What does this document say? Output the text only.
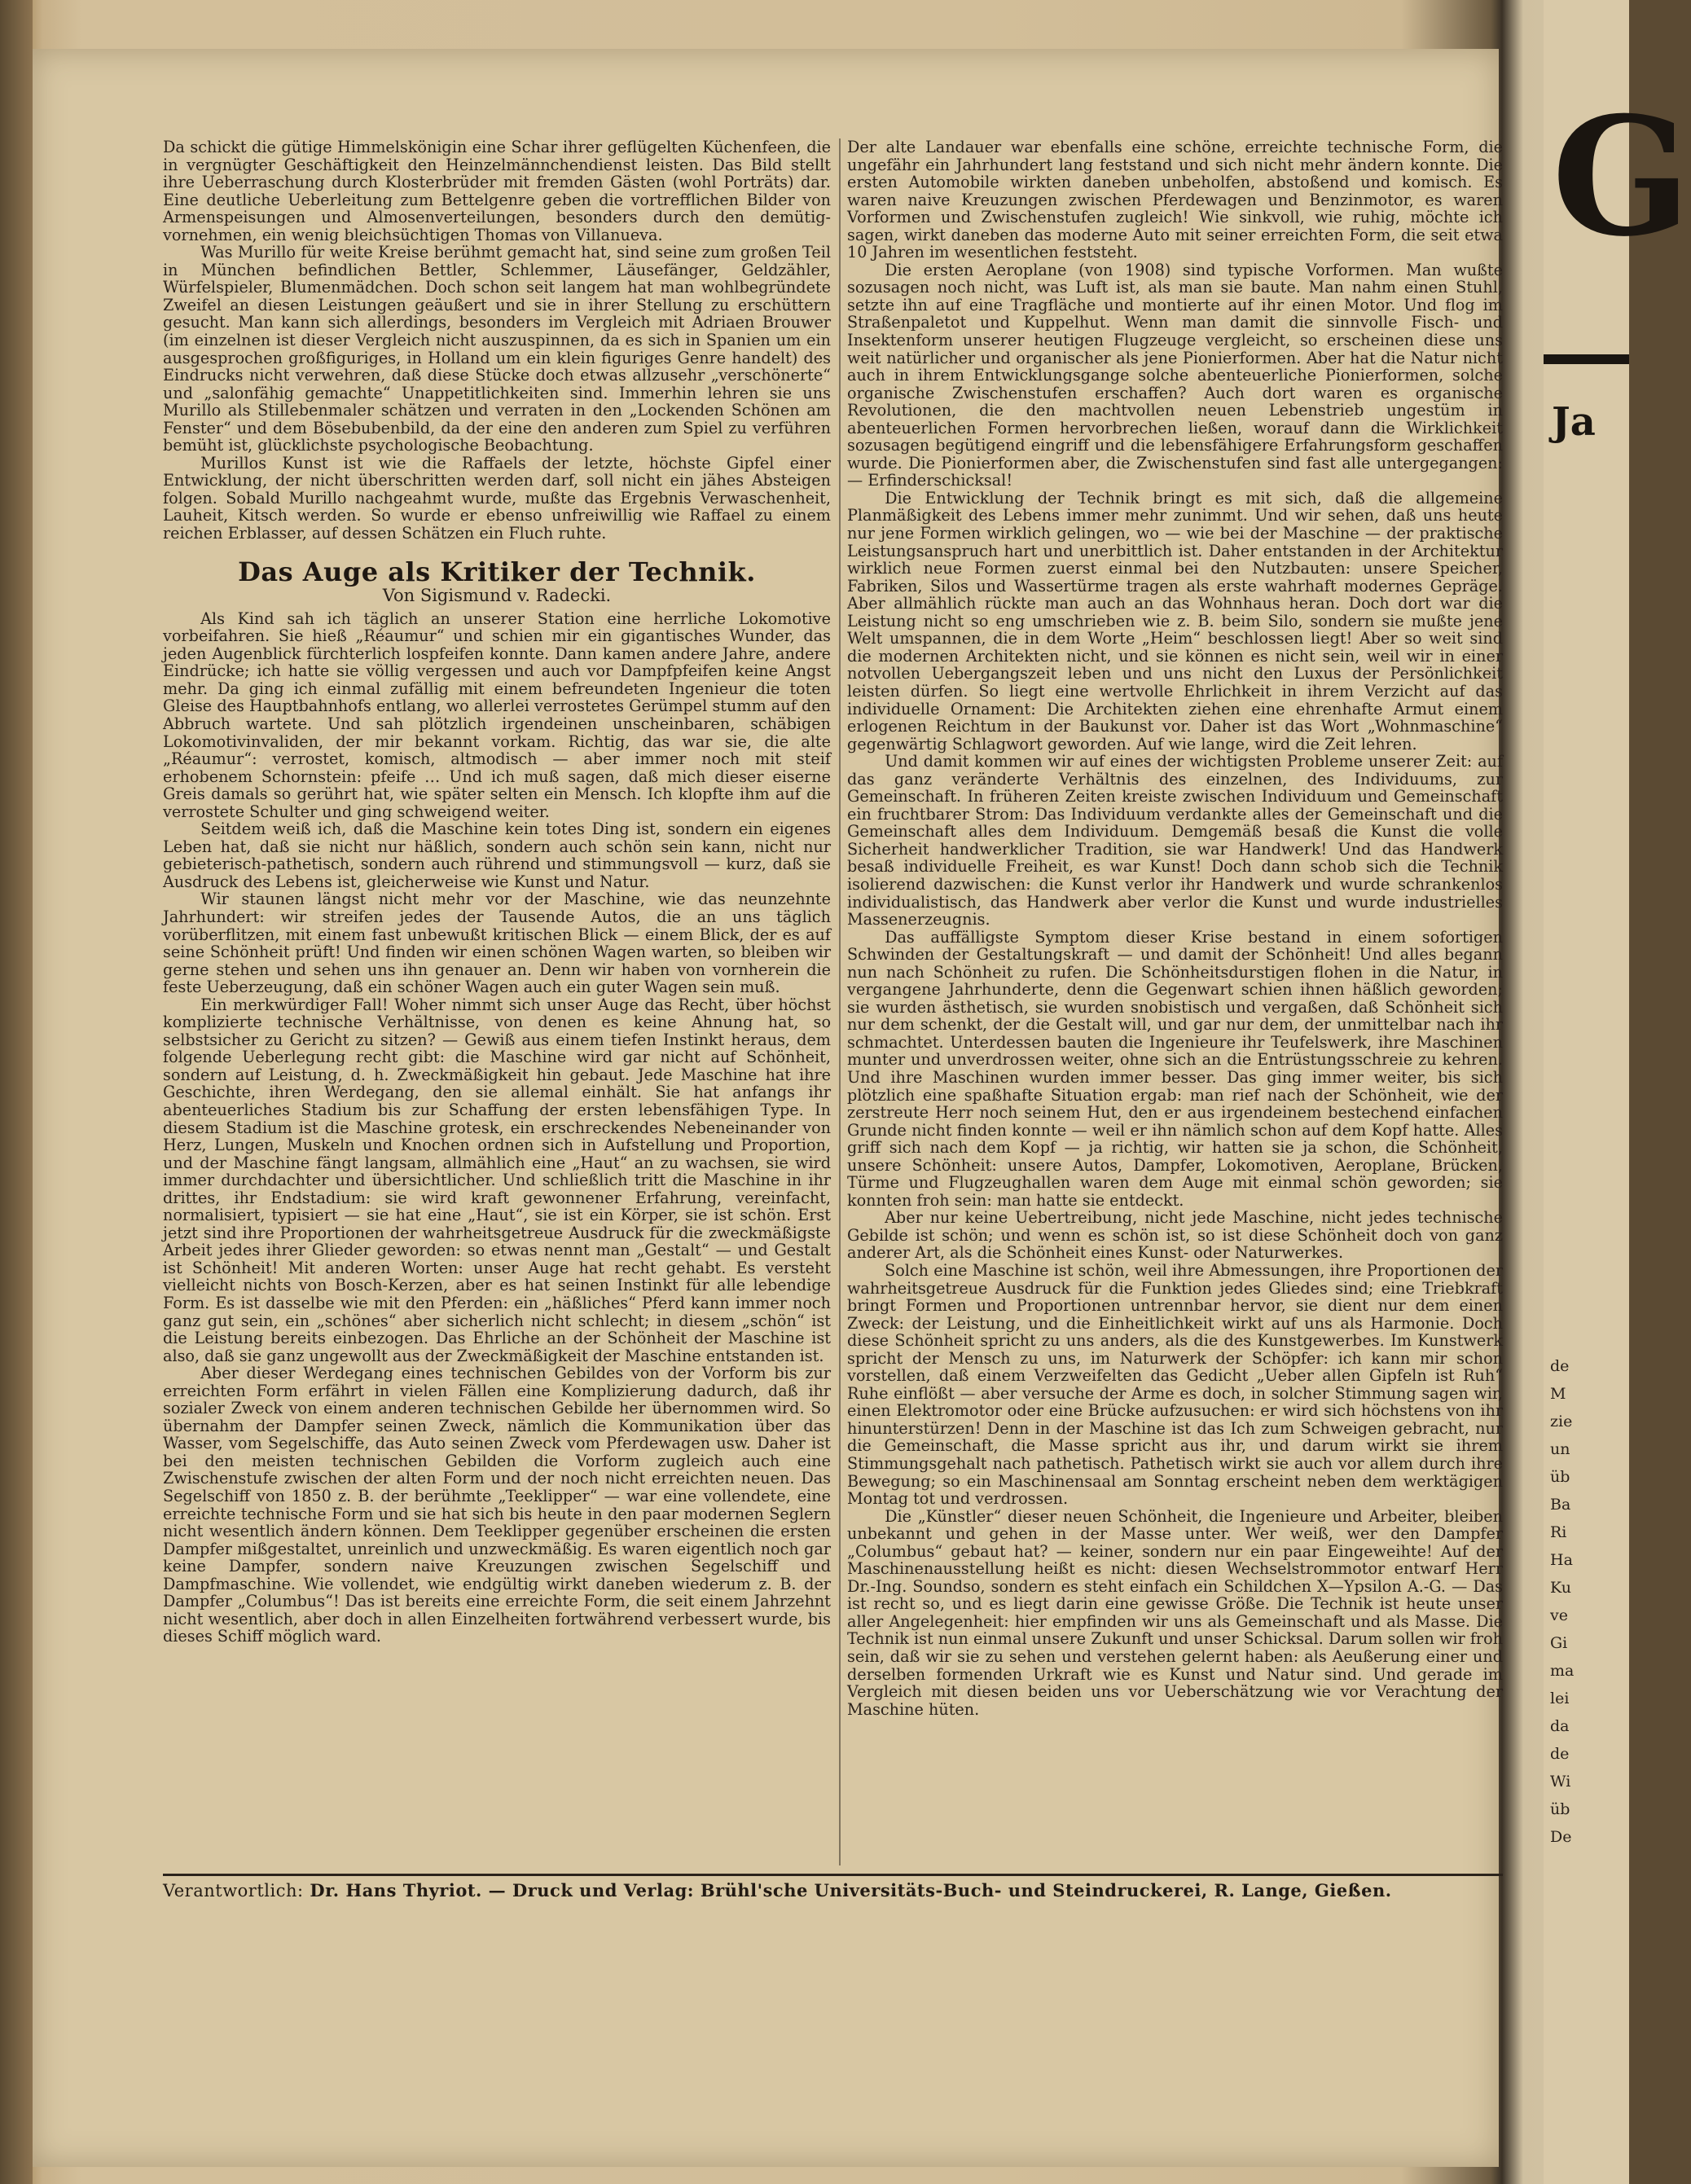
Da schickt die gütige Himmelskönigin eine Schar ihrer geflügelten Küchenfeen, die in vergnügter Geschäftigkeit den Heinzelmännchendienst leisten. Das Bild stellt ihre Ueberraschung durch Klosterbrüder mit fremden Gästen (wohl Porträts) dar. Eine deutliche Ueberleitung zum Bettelgenre geben die vortrefflichen Bilder von Armenspeisungen und Almosenverteilungen, besonders durch den demütig-vornehmen, ein wenig bleichsüchtigen Thomas von Villanueva.

Was Murillo für weite Kreise berühmt gemacht hat, sind seine zum großen Teil in München befindlichen Bettler, Schlemmer, Läusefänger, Geldzähler, Würfelspieler, Blumenmädchen. Doch schon seit langem hat man wohlbegründete Zweifel an diesen Leistungen geäußert und sie in ihrer Stellung zu erschüttern gesucht. Man kann sich allerdings, besonders im Vergleich mit Adriaen Brouwer (im einzelnen ist dieser Vergleich nicht auszuspinnen, da es sich in Spanien um ein ausgesprochen großfiguriges, in Holland um ein klein figuriges Genre handelt) des Eindrucks nicht verwehren, daß diese Stücke doch etwas allzusehr „verschönerte“ und „salonfähig gemachte“ Unappetitlichkeiten sind. Immerhin lehren sie uns Murillo als Stillebenmaler schätzen und verraten in den „Lockenden Schönen am Fenster“ und dem Bösebubenbild, da der eine den anderen zum Spiel zu verführen bemüht ist, glücklichste psychologische Beobachtung.

Murillos Kunst ist wie die Raffaels der letzte, höchste Gipfel einer Entwicklung, der nicht überschritten werden darf, soll nicht ein jähes Absteigen folgen. Sobald Murillo nachgeahmt wurde, mußte das Ergebnis Verwaschenheit, Lauheit, Kitsch werden. So wurde er ebenso unfreiwillig wie Raffael zu einem reichen Erblasser, auf dessen Schätzen ein Fluch ruhte.

Das Auge als Kritiker der Technik.
Von Sigismund v. Radecki.

Als Kind sah ich täglich an unserer Station eine herrliche Lokomotive vorbeifahren. Sie hieß „Réaumur“ und schien mir ein gigantisches Wunder, das jeden Augenblick fürchterlich lospfeifen konnte. Dann kamen andere Jahre, andere Eindrücke; ich hatte sie völlig vergessen und auch vor Dampfpfeifen keine Angst mehr. Da ging ich einmal zufällig mit einem befreundeten Ingenieur die toten Gleise des Hauptbahnhofs entlang, wo allerlei verrostetes Gerümpel stumm auf den Abbruch wartete. Und sah plötzlich irgendeinen unscheinbaren, schäbigen Lokomotivinvaliden, der mir bekannt vorkam. Richtig, das war sie, die alte „Réaumur“: verrostet, komisch, altmodisch — aber immer noch mit steif erhobenem Schornstein: pfeife … Und ich muß sagen, daß mich dieser eiserne Greis damals so gerührt hat, wie später selten ein Mensch. Ich klopfte ihm auf die verrostete Schulter und ging schweigend weiter.

Seitdem weiß ich, daß die Maschine kein totes Ding ist, sondern ein eigenes Leben hat, daß sie nicht nur häßlich, sondern auch schön sein kann, nicht nur gebieterisch-pathetisch, sondern auch rührend und stimmungsvoll — kurz, daß sie Ausdruck des Lebens ist, gleicherweise wie Kunst und Natur.

Wir staunen längst nicht mehr vor der Maschine, wie das neunzehnte Jahrhundert: wir streifen jedes der Tausende Autos, die an uns täglich vorüberflitzen, mit einem fast unbewußt kritischen Blick — einem Blick, der es auf seine Schönheit prüft! Und finden wir einen schönen Wagen warten, so bleiben wir gerne stehen und sehen uns ihn genauer an. Denn wir haben von vornherein die feste Ueberzeugung, daß ein schöner Wagen auch ein guter Wagen sein muß.

Ein merkwürdiger Fall! Woher nimmt sich unser Auge das Recht, über höchst komplizierte technische Verhältnisse, von denen es keine Ahnung hat, so selbstsicher zu Gericht zu sitzen? — Gewiß aus einem tiefen Instinkt heraus, dem folgende Ueberlegung recht gibt: die Maschine wird gar nicht auf Schönheit, sondern auf Leistung, d. h. Zweckmäßigkeit hin gebaut. Jede Maschine hat ihre Geschichte, ihren Werdegang, den sie allemal einhält. Sie hat anfangs ihr abenteuerliches Stadium bis zur Schaffung der ersten lebensfähigen Type. In diesem Stadium ist die Maschine grotesk, ein erschreckendes Nebeneinander von Herz, Lungen, Muskeln und Knochen ordnen sich in Aufstellung und Proportion, und der Maschine fängt langsam, allmählich eine „Haut“ an zu wachsen, sie wird immer durchdachter und übersichtlicher. Und schließlich tritt die Maschine in ihr drittes, ihr Endstadium: sie wird kraft gewonnener Erfahrung, vereinfacht, normalisiert, typisiert — sie hat eine „Haut“, sie ist ein Körper, sie ist schön. Erst jetzt sind ihre Proportionen der wahrheitsgetreue Ausdruck für die zweckmäßigste Arbeit jedes ihrer Glieder geworden: so etwas nennt man „Gestalt“ — und Gestalt ist Schönheit! Mit anderen Worten: unser Auge hat recht gehabt. Es versteht vielleicht nichts von Bosch-Kerzen, aber es hat seinen Instinkt für alle lebendige Form. Es ist dasselbe wie mit den Pferden: ein „häßliches“ Pferd kann immer noch ganz gut sein, ein „schönes“ aber sicherlich nicht schlecht; in diesem „schön“ ist die Leistung bereits einbezogen. Das Ehrliche an der Schönheit der Maschine ist also, daß sie ganz ungewollt aus der Zweckmäßigkeit der Maschine entstanden ist.

Aber dieser Werdegang eines technischen Gebildes von der Vorform bis zur erreichten Form erfährt in vielen Fällen eine Komplizierung dadurch, daß ihr sozialer Zweck von einem anderen technischen Gebilde her übernommen wird. So übernahm der Dampfer seinen Zweck, nämlich die Kommunikation über das Wasser, vom Segelschiffe, das Auto seinen Zweck vom Pferdewagen usw. Daher ist bei den meisten technischen Gebilden die Vorform zugleich auch eine Zwischenstufe zwischen der alten Form und der noch nicht erreichten neuen. Das Segelschiff von 1850 z. B. der berühmte „Teeklipper“ — war eine vollendete, eine erreichte technische Form und sie hat sich bis heute in den paar modernen Seglern nicht wesentlich ändern können. Dem Teeklipper gegenüber erscheinen die ersten Dampfer mißgestaltet, unreinlich und unzweckmäßig. Es waren eigentlich noch gar keine Dampfer, sondern naive Kreuzungen zwischen Segelschiff und Dampfmaschine. Wie vollendet, wie endgültig wirkt daneben wiederum z. B. der Dampfer „Columbus“! Das ist bereits eine erreichte Form, die seit einem Jahrzehnt nicht wesentlich, aber doch in allen Einzelheiten fortwährend verbessert wurde, bis dieses Schiff möglich ward.

Der alte Landauer war ebenfalls eine schöne, erreichte technische Form, die ungefähr ein Jahrhundert lang feststand und sich nicht mehr ändern konnte. Die ersten Automobile wirkten daneben unbeholfen, abstoßend und komisch. Es waren naive Kreuzungen zwischen Pferdewagen und Benzinmotor, es waren Vorformen und Zwischenstufen zugleich! Wie sinkvoll, wie ruhig, möchte ich sagen, wirkt daneben das moderne Auto mit seiner erreichten Form, die seit etwa 10 Jahren im wesentlichen feststeht.

Die ersten Aeroplane (von 1908) sind typische Vorformen. Man wußte sozusagen noch nicht, was Luft ist, als man sie baute. Man nahm einen Stuhl, setzte ihn auf eine Tragfläche und montierte auf ihr einen Motor. Und flog im Straßenpaletot und Kuppelhut. Wenn man damit die sinnvolle Fisch- und Insektenform unserer heutigen Flugzeuge vergleicht, so erscheinen diese uns weit natürlicher und organischer als jene Pionierformen. Aber hat die Natur nicht auch in ihrem Entwicklungsgange solche abenteuerliche Pionierformen, solche organische Zwischenstufen erschaffen? Auch dort waren es organische Revolutionen, die den machtvollen neuen Lebenstrieb ungestüm in abenteuerlichen Formen hervorbrechen ließen, worauf dann die Wirklichkeit sozusagen begütigend eingriff und die lebensfähigere Erfahrungsform geschaffen wurde. Die Pionierformen aber, die Zwischenstufen sind fast alle untergegangen: — Erfinderschicksal!

Die Entwicklung der Technik bringt es mit sich, daß die allgemeine Planmäßigkeit des Lebens immer mehr zunimmt. Und wir sehen, daß uns heute nur jene Formen wirklich gelingen, wo — wie bei der Maschine — der praktische Leistungsanspruch hart und unerbittlich ist. Daher entstanden in der Architektur wirklich neue Formen zuerst einmal bei den Nutzbauten: unsere Speicher, Fabriken, Silos und Wassertürme tragen als erste wahrhaft modernes Gepräge. Aber allmählich rückte man auch an das Wohnhaus heran. Doch dort war die Leistung nicht so eng umschrieben wie z. B. beim Silo, sondern sie mußte jene Welt umspannen, die in dem Worte „Heim“ beschlossen liegt! Aber so weit sind die modernen Architekten nicht, und sie können es nicht sein, weil wir in einer notvollen Uebergangszeit leben und uns nicht den Luxus der Persönlichkeit leisten dürfen. So liegt eine wertvolle Ehrlichkeit in ihrem Verzicht auf das individuelle Ornament: Die Architekten ziehen eine ehrenhafte Armut einem erlogenen Reichtum in der Baukunst vor. Daher ist das Wort „Wohnmaschine“ gegenwärtig Schlagwort geworden. Auf wie lange, wird die Zeit lehren.

Und damit kommen wir auf eines der wichtigsten Probleme unserer Zeit: auf das ganz veränderte Verhältnis des einzelnen, des Individuums, zur Gemeinschaft. In früheren Zeiten kreiste zwischen Individuum und Gemeinschaft ein fruchtbarer Strom: Das Individuum verdankte alles der Gemeinschaft und die Gemeinschaft alles dem Individuum. Demgemäß besaß die Kunst die volle Sicherheit handwerklicher Tradition, sie war Handwerk! Und das Handwerk besaß individuelle Freiheit, es war Kunst! Doch dann schob sich die Technik isolierend dazwischen: die Kunst verlor ihr Handwerk und wurde schrankenlos individualistisch, das Handwerk aber verlor die Kunst und wurde industrielles Massenerzeugnis.

Das auffälligste Symptom dieser Krise bestand in einem sofortigen Schwinden der Gestaltungskraft — und damit der Schönheit! Und alles begann nun nach Schönheit zu rufen. Die Schönheitsdurstigen flohen in die Natur, in vergangene Jahrhunderte, denn die Gegenwart schien ihnen häßlich geworden; sie wurden ästhetisch, sie wurden snobistisch und vergaßen, daß Schönheit sich nur dem schenkt, der die Gestalt will, und gar nur dem, der unmittelbar nach ihr schmachtet. Unterdessen bauten die Ingenieure ihr Teufelswerk, ihre Maschinen munter und unverdrossen weiter, ohne sich an die Entrüstungsschreie zu kehren. Und ihre Maschinen wurden immer besser. Das ging immer weiter, bis sich plötzlich eine spaßhafte Situation ergab: man rief nach der Schönheit, wie der zerstreute Herr noch seinem Hut, den er aus irgendeinem bestechend einfachen Grunde nicht finden konnte — weil er ihn nämlich schon auf dem Kopf hatte. Alles griff sich nach dem Kopf — ja richtig, wir hatten sie ja schon, die Schönheit, unsere Schönheit: unsere Autos, Dampfer, Lokomotiven, Aeroplane, Brücken, Türme und Flugzeughallen waren dem Auge mit einmal schön geworden; sie konnten froh sein: man hatte sie entdeckt.

Aber nur keine Uebertreibung, nicht jede Maschine, nicht jedes technische Gebilde ist schön; und wenn es schön ist, so ist diese Schönheit doch von ganz anderer Art, als die Schönheit eines Kunst- oder Naturwerkes.

Solch eine Maschine ist schön, weil ihre Abmessungen, ihre Proportionen der wahrheitsgetreue Ausdruck für die Funktion jedes Gliedes sind; eine Triebkraft bringt Formen und Proportionen untrennbar hervor, sie dient nur dem einen Zweck: der Leistung, und die Einheitlichkeit wirkt auf uns als Harmonie. Doch diese Schönheit spricht zu uns anders, als die des Kunstgewerbes. Im Kunstwerk spricht der Mensch zu uns, im Naturwerk der Schöpfer: ich kann mir schon vorstellen, daß einem Verzweifelten das Gedicht „Ueber allen Gipfeln ist Ruh“ Ruhe einflößt — aber versuche der Arme es doch, in solcher Stimmung sagen wir, einen Elektromotor oder eine Brücke aufzusuchen: er wird sich höchstens von ihr hinunterstürzen! Denn in der Maschine ist das Ich zum Schweigen gebracht, nur die Gemeinschaft, die Masse spricht aus ihr, und darum wirkt sie ihrem Stimmungsgehalt nach pathetisch. Pathetisch wirkt sie auch vor allem durch ihre Bewegung; so ein Maschinensaal am Sonntag erscheint neben dem werktägigen Montag tot und verdrossen.

Die „Künstler“ dieser neuen Schönheit, die Ingenieure und Arbeiter, bleiben unbekannt und gehen in der Masse unter. Wer weiß, wer den Dampfer „Columbus“ gebaut hat? — keiner, sondern nur ein paar Eingeweihte! Auf der Maschinenausstellung heißt es nicht: diesen Wechselstrommotor entwarf Herr Dr.-Ing. Soundso, sondern es steht einfach ein Schildchen X—Ypsilon A.-G. — Das ist recht so, und es liegt darin eine gewisse Größe. Die Technik ist heute unser aller Angelegenheit: hier empfinden wir uns als Gemeinschaft und als Masse. Die Technik ist nun einmal unsere Zukunft und unser Schicksal. Darum sollen wir froh sein, daß wir sie zu sehen und verstehen gelernt haben: als Aeußerung einer und derselben formenden Urkraft wie es Kunst und Natur sind. Und gerade im Vergleich mit diesen beiden uns vor Ueberschätzung wie vor Verachtung der Maschine hüten.

Verantwortlich: Dr. Hans Thyriot. — Druck und Verlag: Brühl'sche Universitäts-Buch- und Steindruckerei, R. Lange, Gießen.
G
Ja
de
M
zie
un
üb
Ba
Ri
Ha
Ku
ve
Gi
ma
lei
da
de
Wi
üb
De
